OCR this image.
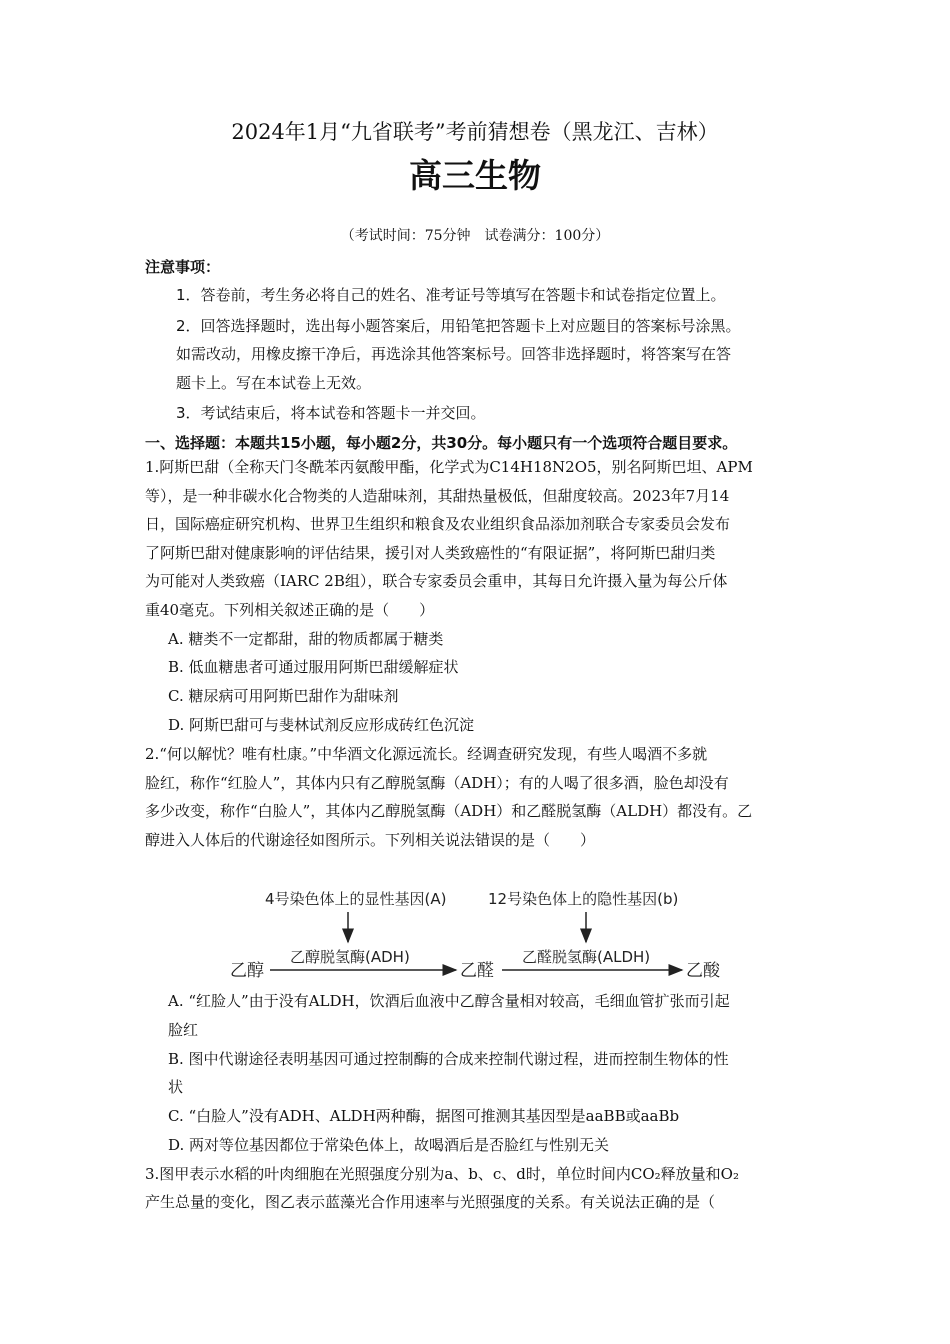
2024年1月“九省联考”考前猜想卷（黑龙江、吉林）
高三生物
（考试时间：75分钟　试卷满分：100分）
注意事项：
1．答卷前，考生务必将自己的姓名、准考证号等填写在答题卡和试卷指定位置上。
2．回答选择题时，选出每小题答案后，用铅笔把答题卡上对应题目的答案标号涂黑。
如需改动，用橡皮擦干净后，再选涂其他答案标号。回答非选择题时，将答案写在答
题卡上。写在本试卷上无效。
3．考试结束后，将本试卷和答题卡一并交回。
一、选择题：本题共15小题，每小题2分，共30分。每小题只有一个选项符合题目要求。
1.阿斯巴甜（全称天门冬酰苯丙氨酸甲酯，化学式为C14H18N2O5，别名阿斯巴坦、APM
等），是一种非碳水化合物类的人造甜味剂，其甜热量极低，但甜度较高。2023年7月14
日，国际癌症研究机构、世界卫生组织和粮食及农业组织食品添加剂联合专家委员会发布
了阿斯巴甜对健康影响的评估结果，援引对人类致癌性的“有限证据”，将阿斯巴甜归类
为可能对人类致癌（IARC 2B组），联合专家委员会重申，其每日允许摄入量为每公斤体
重40毫克。下列相关叙述正确的是（　　）
A. 糖类不一定都甜，甜的物质都属于糖类
B. 低血糖患者可通过服用阿斯巴甜缓解症状
C. 糖尿病可用阿斯巴甜作为甜味剂
D. 阿斯巴甜可与斐林试剂反应形成砖红色沉淀
2.“何以解忧？唯有杜康。”中华酒文化源远流长。经调查研究发现，有些人喝酒不多就
脸红，称作“红脸人”，其体内只有乙醇脱氢酶（ADH）；有的人喝了很多酒，脸色却没有
多少改变，称作“白脸人”，其体内乙醇脱氢酶（ADH）和乙醛脱氢酶（ALDH）都没有。乙
醇进入人体后的代谢途径如图所示。下列相关说法错误的是（　　）
4号染色体上的显性基因(A)	12号染色体上的隐性基因(b)
乙醇
乙醇脱氢酶(ADH)
乙醛
乙醛脱氢酶(ALDH)
乙酸
A. “红脸人”由于没有ALDH，饮酒后血液中乙醇含量相对较高，毛细血管扩张而引起
脸红
B. 图中代谢途径表明基因可通过控制酶的合成来控制代谢过程，进而控制生物体的性
状
C. “白脸人”没有ADH、ALDH两种酶，据图可推测其基因型是aaBB或aaBb
D. 两对等位基因都位于常染色体上，故喝酒后是否脸红与性别无关
3.图甲表示水稻的叶肉细胞在光照强度分别为a、b、c、d时，单位时间内CO₂释放量和O₂
产生总量的变化，图乙表示蓝藻光合作用速率与光照强度的关系。有关说法正确的是（
